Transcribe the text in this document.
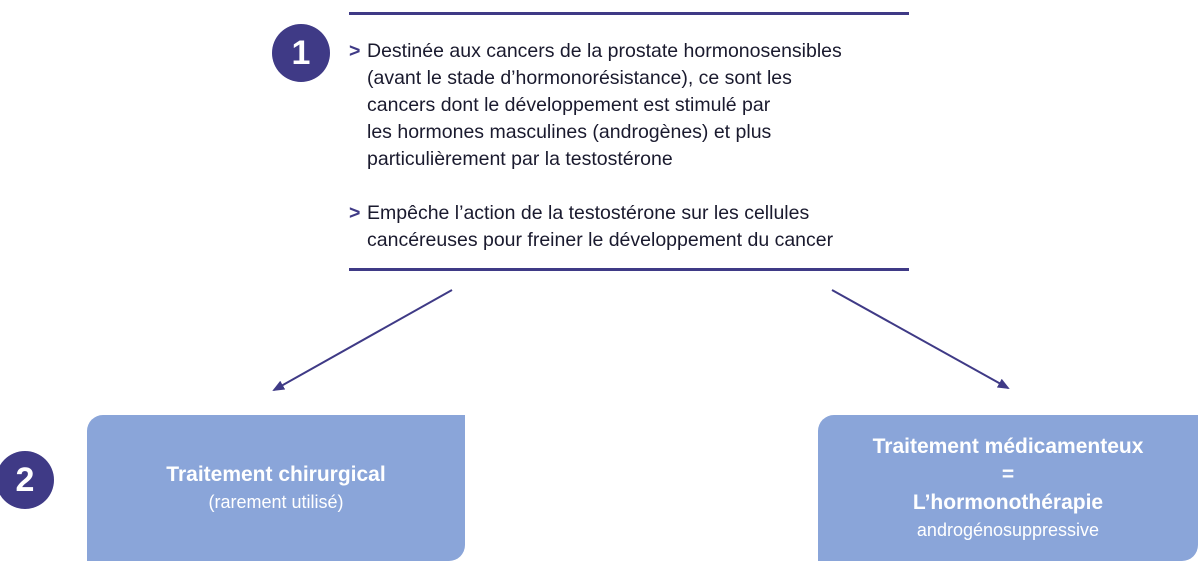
1	> Destinée aux cancers de la prostate hormonosensibles
(avant le stade d’hormonorésistance), ce sont les
cancers dont le développement est stimulé par
les hormones masculines (androgènes) et plus
particulièrement par la testostérone
> Empêche l’action de la testostérone sur les cellules
cancéreuses pour freiner le développement du cancer
2	Traitement chirurgical
(rarement utilisé)
Traitement médicamenteux
=
L’hormonothérapie
androgénosuppressive
